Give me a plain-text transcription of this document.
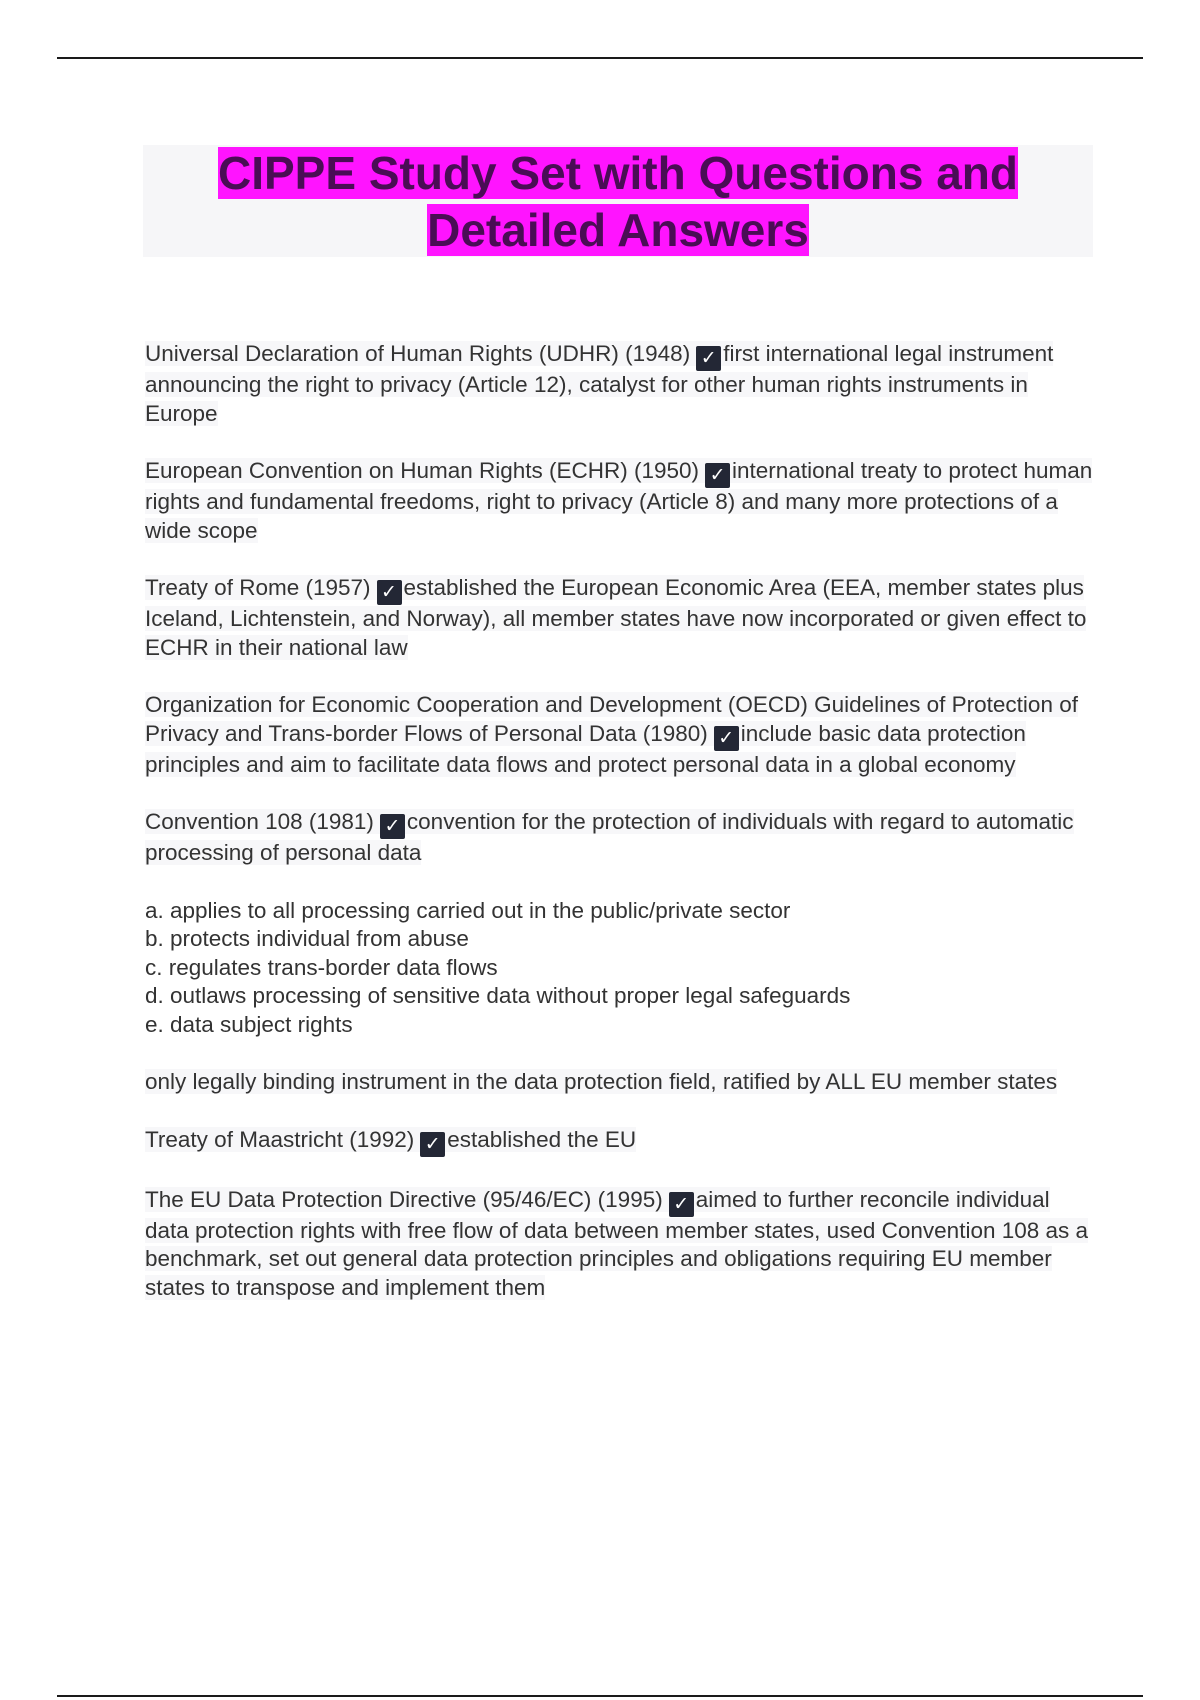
CIPPE Study Set with Questions and
Detailed Answers

Universal Declaration of Human Rights (UDHR) (1948) ✓ first international legal instrument announcing the right to privacy (Article 12), catalyst for other human rights instruments in Europe

European Convention on Human Rights (ECHR) (1950) ✓ international treaty to protect human rights and fundamental freedoms, right to privacy (Article 8) and many more protections of a wide scope

Treaty of Rome (1957) ✓ established the European Economic Area (EEA, member states plus Iceland, Lichtenstein, and Norway), all member states have now incorporated or given effect to ECHR in their national law

Organization for Economic Cooperation and Development (OECD) Guidelines of Protection of Privacy and Trans-border Flows of Personal Data (1980) ✓ include basic data protection principles and aim to facilitate data flows and protect personal data in a global economy

Convention 108 (1981) ✓ convention for the protection of individuals with regard to automatic processing of personal data

a. applies to all processing carried out in the public/private sector
b. protects individual from abuse
c. regulates trans-border data flows
d. outlaws processing of sensitive data without proper legal safeguards
e. data subject rights

only legally binding instrument in the data protection field, ratified by ALL EU member states

Treaty of Maastricht (1992) ✓ established the EU

The EU Data Protection Directive (95/46/EC) (1995) ✓ aimed to further reconcile individual data protection rights with free flow of data between member states, used Convention 108 as a benchmark, set out general data protection principles and obligations requiring EU member states to transpose and implement them
